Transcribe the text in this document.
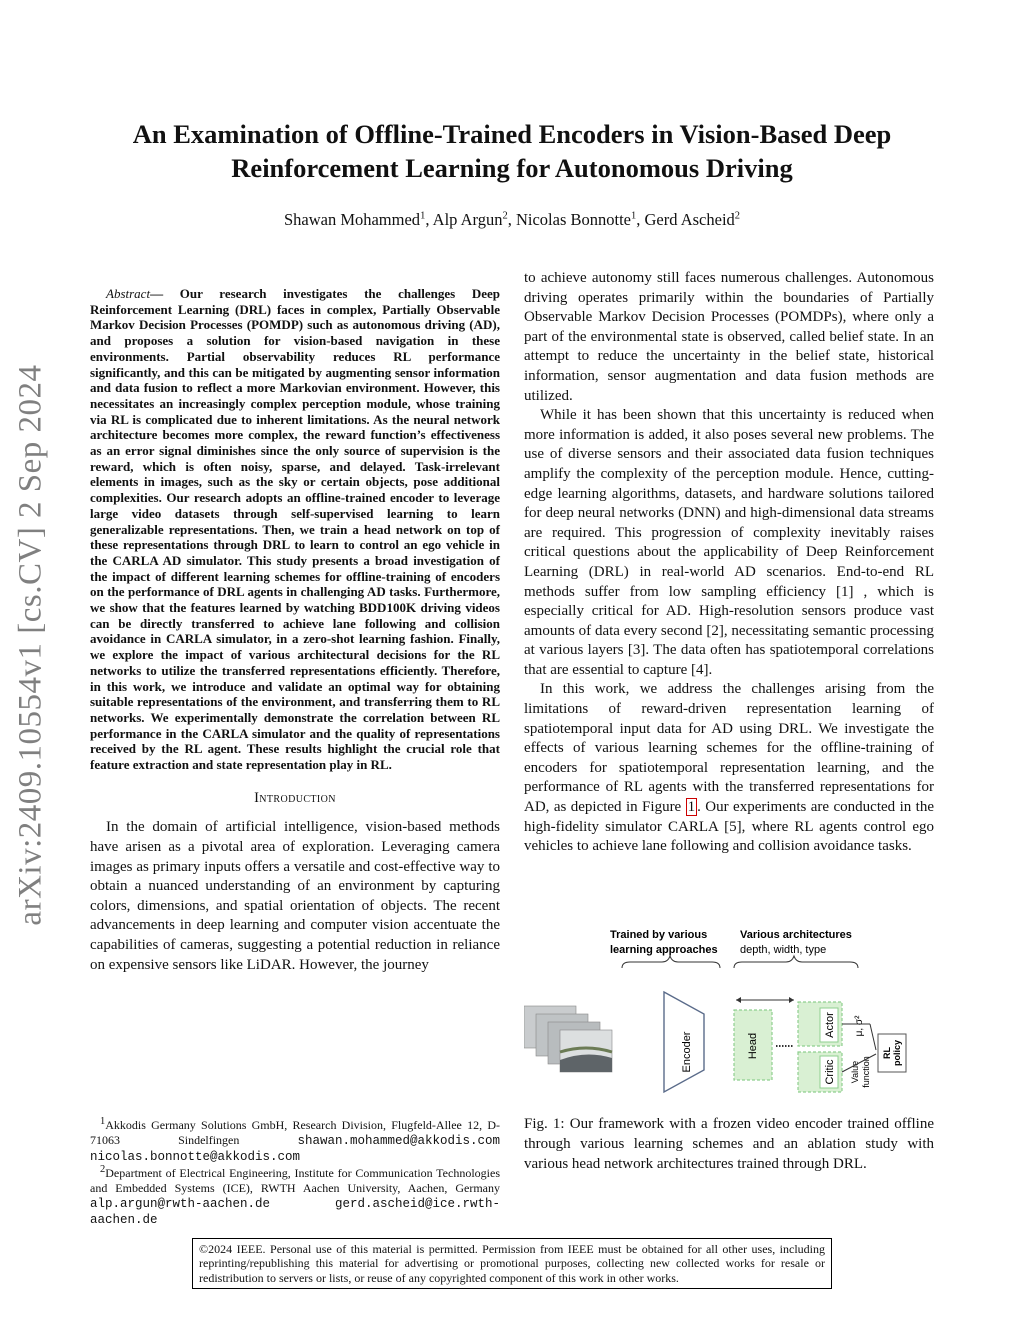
arXiv:2409.10554v1 [cs.CV] 2 Sep 2024
An Examination of Offline-Trained Encoders in Vision-Based Deep
Reinforcement Learning for Autonomous Driving
Shawan Mohammed$^1$, Alp Argun$^2$, Nicolas Bonnotte$^1$, Gerd Ascheid$^2$

Abstract— Our research investigates the challenges Deep Reinforcement Learning (DRL) faces in complex, Partially Observable Markov Decision Processes (POMDP) such as autonomous driving (AD), and proposes a solution for vision-based navigation in these environments. Partial observability reduces RL performance significantly, and this can be mitigated by augmenting sensor information and data fusion to reflect a more Markovian environment. However, this necessitates an increasingly complex perception module, whose training via RL is complicated due to inherent limitations. As the neural network architecture becomes more complex, the reward function’s effectiveness as an error signal diminishes since the only source of supervision is the reward, which is often noisy, sparse, and delayed. Task-irrelevant elements in images, such as the sky or certain objects, pose additional complexities. Our research adopts an offline-trained encoder to leverage large video datasets through self-supervised learning to learn generalizable representations. Then, we train a head network on top of these representations through DRL to learn to control an ego vehicle in the CARLA AD simulator. This study presents a broad investigation of the impact of different learning schemes for offline-training of encoders on the performance of DRL agents in challenging AD tasks. Furthermore, we show that the features learned by watching BDD100K driving videos can be directly transferred to achieve lane following and collision avoidance in CARLA simulator, in a zero-shot learning fashion. Finally, we explore the impact of various architectural decisions for the RL networks to utilize the transferred representations efficiently. Therefore, in this work, we introduce and validate an optimal way for obtaining suitable representations of the environment, and transferring them to RL networks. We experimentally demonstrate the correlation between RL performance in the CARLA simulator and the quality of representations received by the RL agent. These results highlight the crucial role that feature extraction and state representation play in RL.

Introduction

In the domain of artificial intelligence, vision-based methods have arisen as a pivotal area of exploration. Leveraging camera images as primary inputs offers a versatile and cost-effective way to obtain a nuanced understanding of an environment by capturing colors, dimensions, and spatial orientation of objects. The recent advancements in deep learning and computer vision accentuate the capabilities of cameras, suggesting a potential reduction in reliance on expensive sensors like LiDAR. However, the journey

to achieve autonomy still faces numerous challenges. Autonomous driving operates primarily within the boundaries of Partially Observable Markov Decision Processes (POMDPs), where only a part of the environmental state is observed, called belief state. In an attempt to reduce the uncertainty in the belief state, historical information, sensor augmentation and data fusion methods are utilized.

While it has been shown that this uncertainty is reduced when more information is added, it also poses several new problems. The use of diverse sensors and their associated data fusion techniques amplify the complexity of the perception module. Hence, cutting-edge learning algorithms, datasets, and hardware solutions tailored for deep neural networks (DNN) and high-dimensional data streams are required. This progression of complexity inevitably raises critical questions about the applicability of Deep Reinforcement Learning (DRL) in real-world AD scenarios. End-to-end RL methods suffer from low sampling efficiency [1] , which is especially critical for AD. High-resolution sensors produce vast amounts of data every second [2], necessitating semantic processing at various layers [3]. The data often has spatiotemporal correlations that are essential to capture [4].

In this work, we address the challenges arising from the limitations of reward-driven representation learning of spatiotemporal input data for AD using DRL. We investigate the effects of various learning schemes for the offline-training of encoders for spatiotemporal representation learning, and the performance of RL agents with the transferred representations for AD, as depicted in Figure 1 . Our experiments are conducted in the high-fidelity simulator CARLA [5], where RL agents control ego vehicles to achieve lane following and collision avoidance tasks.

Trained by various
learning approaches
Various architectures
depth, width, type
Encoder	Head
Actor
Critic
μ, σ²
Value function
RL policy
Fig. 1: Our framework with a frozen video encoder trained offline through various learning schemes and an ablation study with various head network architectures trained through DRL.

$^1$Akkodis Germany Solutions GmbH, Research Division, Flugfeld-Allee 12, D-71063 Sindelfingen	shawan.mohammed@akkodis.com nicolas.bonnotte@akkodis.com

$^2$Department of Electrical Engineering, Institute for Communication Technologies and Embedded Systems (ICE), RWTH Aachen University, Aachen, Germany alp.argun@rwth-aachen.de	gerd.ascheid@ice.rwth-aachen.de

©2024 IEEE. Personal use of this material is permitted. Permission from IEEE must be obtained for all other uses, including reprinting/republishing this material for advertising or promotional purposes, collecting new collected works for resale or redistribution to servers or lists, or reuse of any copyrighted component of this work in other works.
